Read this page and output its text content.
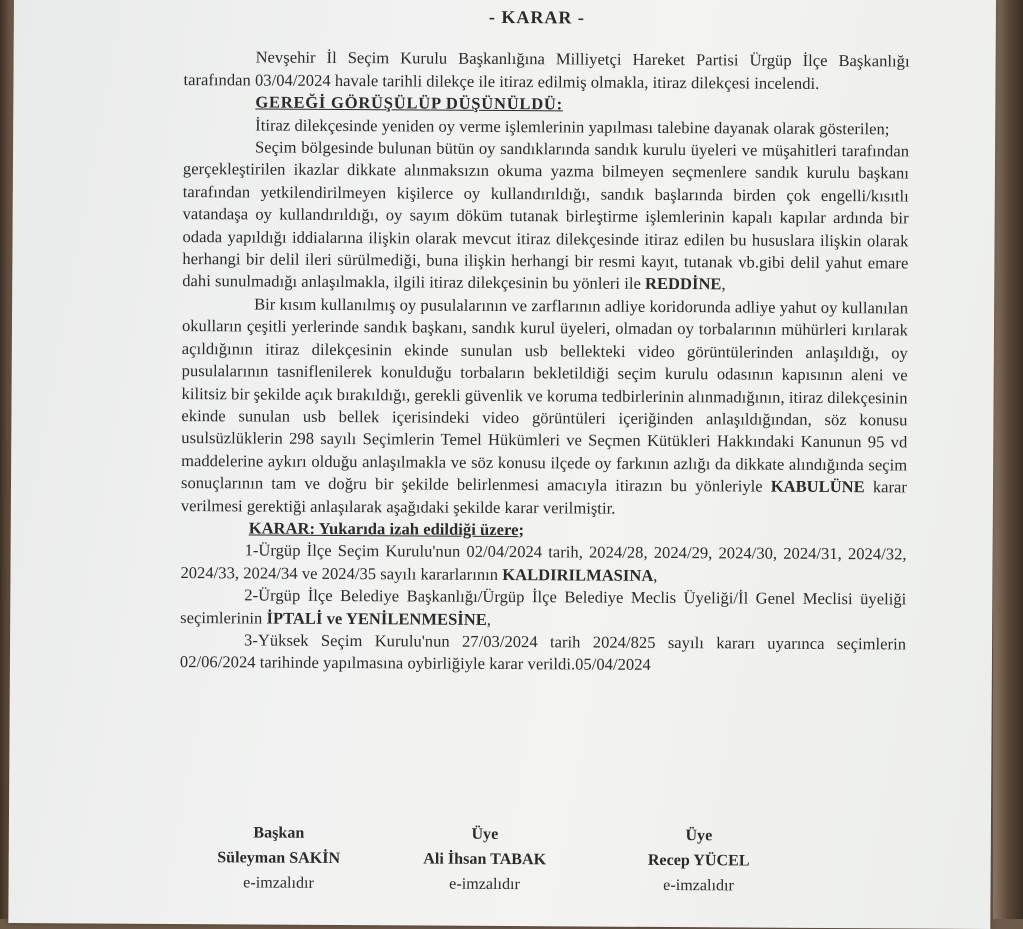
- KARAR -

Nevşehir İl Seçim Kurulu Başkanlığına Milliyetçi Hareket Partisi Ürgüp İlçe Başkanlığı tarafından 03/04/2024 havale tarihli dilekçe ile itiraz edilmiş olmakla, itiraz dilekçesi incelendi.

GEREĞİ GÖRÜŞÜLÜP DÜŞÜNÜLDÜ:

İtiraz dilekçesinde yeniden oy verme işlemlerinin yapılması talebine dayanak olarak gösterilen;

Seçim bölgesinde bulunan bütün oy sandıklarında sandık kurulu üyeleri ve müşahitleri tarafından gerçekleştirilen ikazlar dikkate alınmaksızın okuma yazma bilmeyen seçmenlere sandık kurulu başkanı tarafından yetkilendirilmeyen kişilerce oy kullandırıldığı, sandık başlarında birden çok engelli/kısıtlı vatandaşa oy kullandırıldığı, oy sayım döküm tutanak birleştirme işlemlerinin kapalı kapılar ardında bir odada yapıldığı iddialarına ilişkin olarak mevcut itiraz dilekçesinde itiraz edilen bu hususlara ilişkin olarak herhangi bir delil ileri sürülmediği, buna ilişkin herhangi bir resmi kayıt, tutanak vb.gibi delil yahut emare dahi sunulmadığı anlaşılmakla, ilgili itiraz dilekçesinin bu yönleri ile REDDİNE,

Bir kısım kullanılmış oy pusulalarının ve zarflarının adliye koridorunda adliye yahut oy kullanılan okulların çeşitli yerlerinde sandık başkanı, sandık kurul üyeleri, olmadan oy torbalarının mühürleri kırılarak açıldığının itiraz dilekçesinin ekinde sunulan usb bellekteki video görüntülerinden anlaşıldığı, oy pusulalarının tasniflenilerek konulduğu torbaların bekletildiği seçim kurulu odasının kapısının aleni ve kilitsiz bir şekilde açık bırakıldığı, gerekli güvenlik ve koruma tedbirlerinin alınmadığının, itiraz dilekçesinin ekinde sunulan usb bellek içerisindeki video görüntüleri içeriğinden anlaşıldığından, söz konusu usulsüzlüklerin 298 sayılı Seçimlerin Temel Hükümleri ve Seçmen Kütükleri Hakkındaki Kanunun 95 vd maddelerine aykırı olduğu anlaşılmakla ve söz konusu ilçede oy farkının azlığı da dikkate alındığında seçim sonuçlarının tam ve doğru bir şekilde belirlenmesi amacıyla itirazın bu yönleriyle KABULÜNE karar verilmesi gerektiği anlaşılarak aşağıdaki şekilde karar verilmiştir.

KARAR: Yukarıda izah edildiği üzere;

1-Ürgüp İlçe Seçim Kurulu'nun 02/04/2024 tarih, 2024/28, 2024/29, 2024/30, 2024/31, 2024/32, 2024/33, 2024/34 ve 2024/35 sayılı kararlarının KALDIRILMASINA,

2-Ürgüp İlçe Belediye Başkanlığı/Ürgüp İlçe Belediye Meclis Üyeliği/İl Genel Meclisi üyeliği seçimlerinin İPTALİ ve YENİLENMESİNE,

3-Yüksek Seçim Kurulu'nun 27/03/2024 tarih 2024/825 sayılı kararı uyarınca seçimlerin 02/06/2024 tarihinde yapılmasına oybirliğiyle karar verildi.05/04/2024

Başkan
Süleyman SAKİN
e-imzalıdır
Üye
Ali İhsan TABAK
e-imzalıdır
Üye
Recep YÜCEL
e-imzalıdır
